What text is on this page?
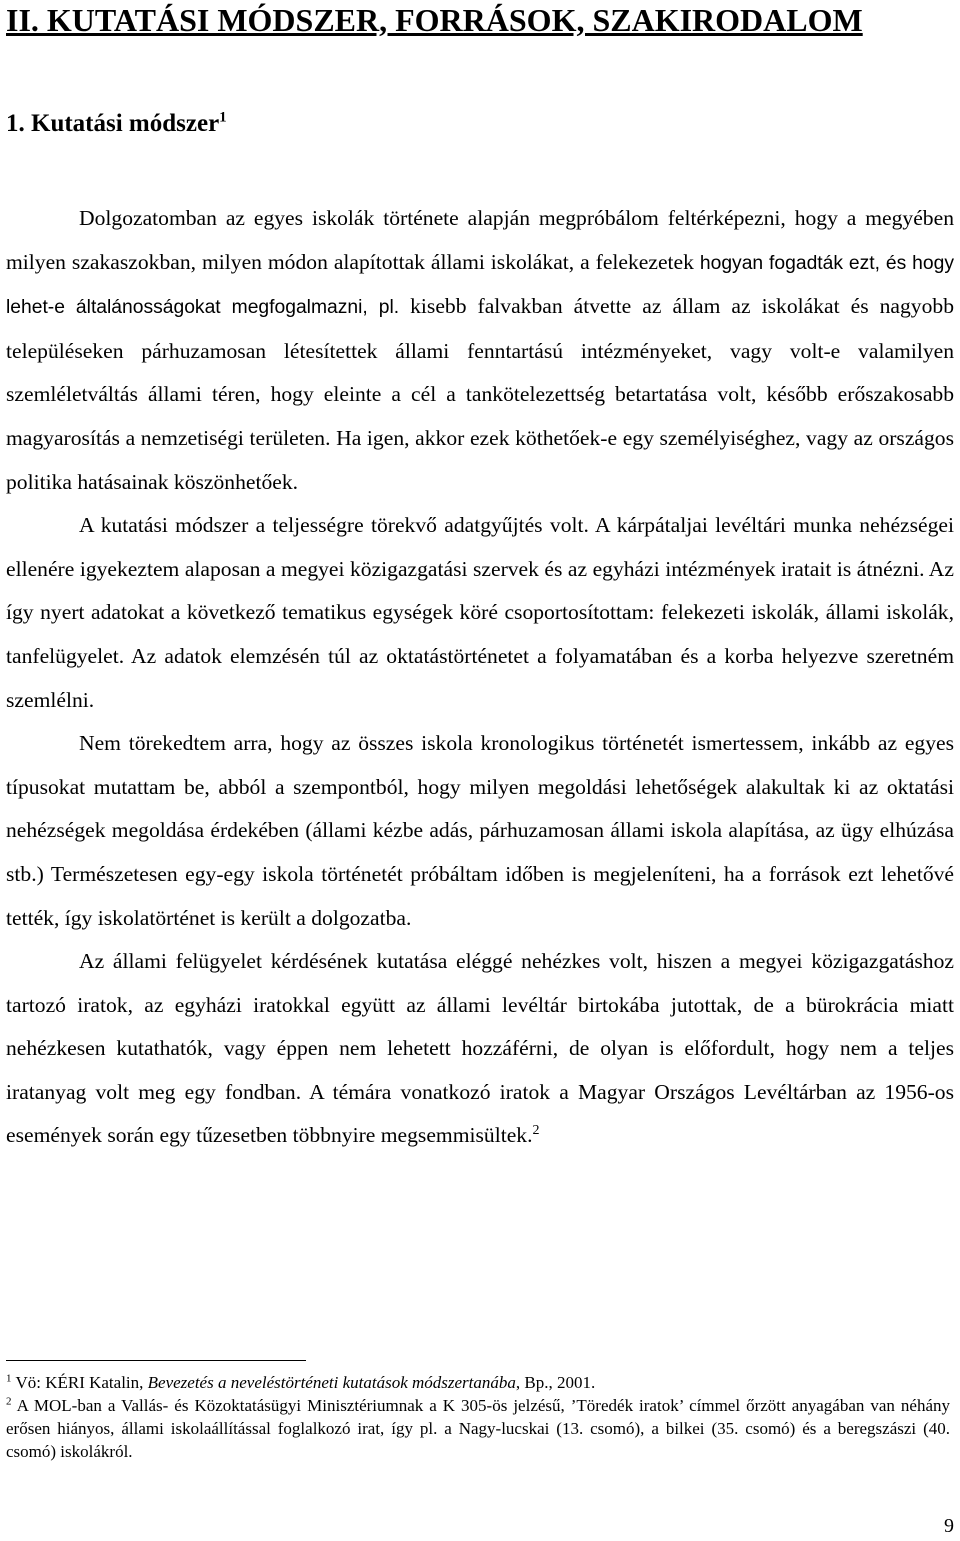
II. KUTATÁSI MÓDSZER, FORRÁSOK, SZAKIRODALOM
1. Kutatási módszer$^1$

Dolgozatomban az egyes iskolák története alapján megpróbálom feltérképezni, hogy a megyében milyen szakaszokban, milyen módon alapítottak állami iskolákat, a felekezetek hogyan fogadták ezt, és hogy lehet-e általánosságokat megfogalmazni, pl. kisebb falvakban átvette az állam az iskolákat és nagyobb településeken párhuzamosan létesítettek állami fenntartású intézményeket, vagy volt-e valamilyen szemléletváltás állami téren, hogy eleinte a cél a tankötelezettség betartatása volt, később erőszakosabb magyarosítás a nemzetiségi területen. Ha igen, akkor ezek köthetőek-e egy személyiséghez, vagy az országos politika hatásainak köszönhetőek.

A kutatási módszer a teljességre törekvő adatgyűjtés volt. A kárpátaljai levéltári munka nehézségei ellenére igyekeztem alaposan a megyei közigazgatási szervek és az egyházi intézmények iratait is átnézni. Az így nyert adatokat a következő tematikus egységek köré csoportosítottam: felekezeti iskolák, állami iskolák, tanfelügyelet. Az adatok elemzésén túl az oktatástörténetet a folyamatában és a korba helyezve szeretném szemlélni.

Nem törekedtem arra, hogy az összes iskola kronologikus történetét ismertessem, inkább az egyes típusokat mutattam be, abból a szempontból, hogy milyen megoldási lehetőségek alakultak ki az oktatási nehézségek megoldása érdekében (állami kézbe adás, párhuzamosan állami iskola alapítása, az ügy elhúzása stb.) Természetesen egy-egy iskola történetét próbáltam időben is megjeleníteni, ha a források ezt lehetővé tették, így iskolatörténet is került a dolgozatba.

Az állami felügyelet kérdésének kutatása eléggé nehézkes volt, hiszen a megyei közigazgatáshoz tartozó iratok, az egyházi iratokkal együtt az állami levéltár birtokába jutottak, de a bürokrácia miatt nehézkesen kutathatók, vagy éppen nem lehetett hozzáférni, de olyan is előfordult, hogy nem a teljes iratanyag volt meg egy fondban. A témára vonatkozó iratok a Magyar Országos Levéltárban az 1956-os események során egy tűzesetben többnyire megsemmisültek.$^2$

$^1$ Vö: KÉRI Katalin, Bevezetés a neveléstörténeti kutatások módszertanába, Bp., 2001.

$^2$ A MOL-ban a Vallás- és Közoktatásügyi Minisztériumnak a K 305-ös jelzésű, ’Töredék iratok’ címmel őrzött anyagában van néhány erősen hiányos, állami iskolaállítással foglalkozó irat, így pl. a Nagy-lucskai (13. csomó), a bilkei (35. csomó) és a beregszászi (40. csomó) iskolákról.

9
